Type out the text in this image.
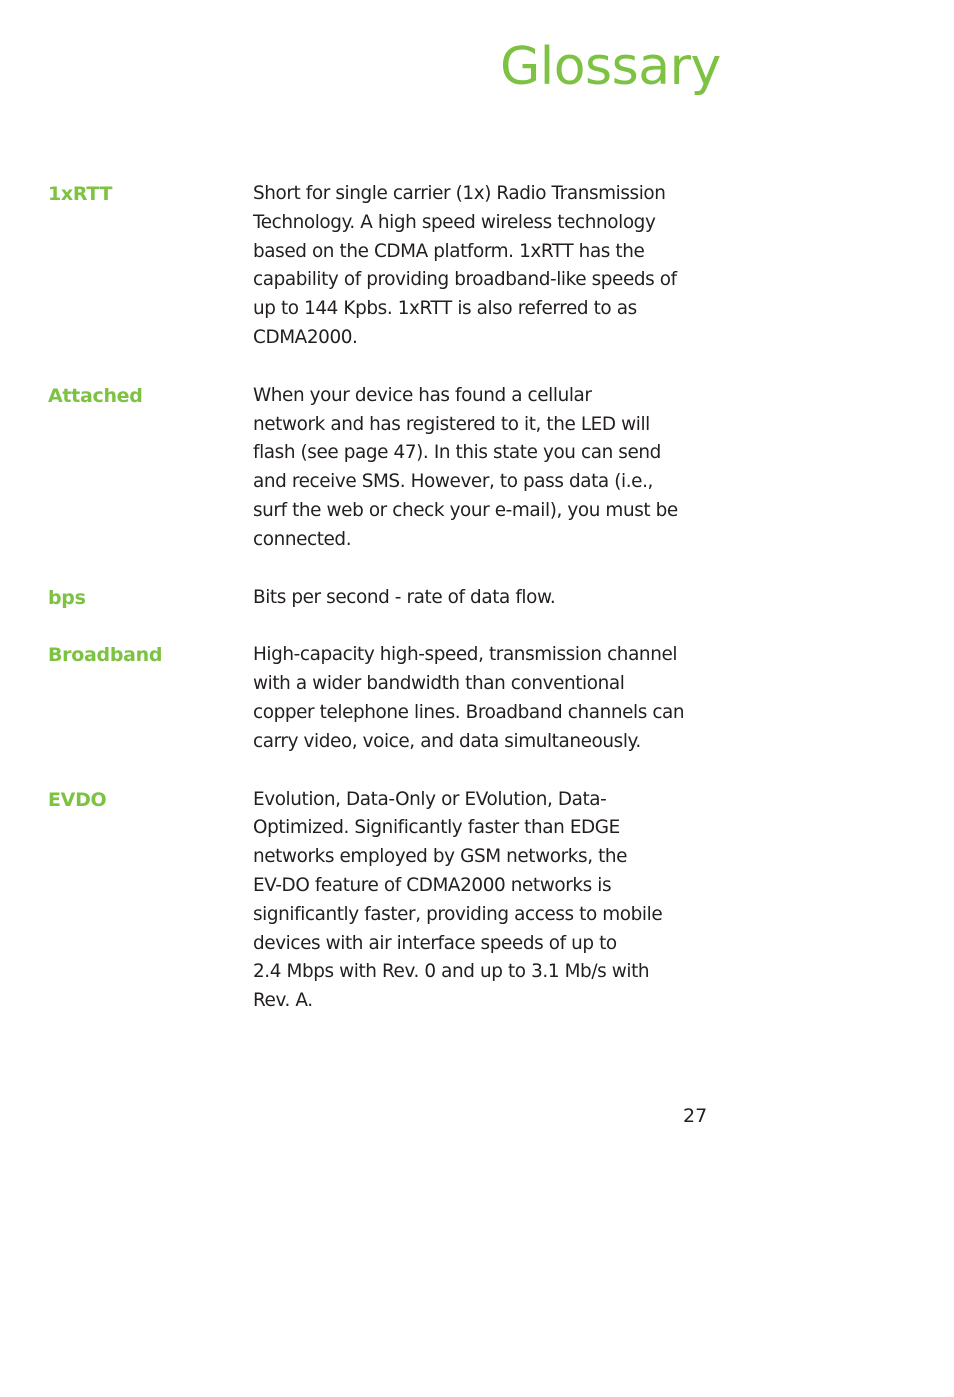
Glossary
1xRTT	Short for single carrier (1x) Radio Transmission
Technology. A high speed wireless technology
based on the CDMA platform. 1xRTT has the
capability of providing broadband-like speeds of
up to 144 Kpbs. 1xRTT is also referred to as
CDMA2000.
Attached	When your device has found a cellular
network and has registered to it, the LED will
flash (see page 47). In this state you can send
and receive SMS. However, to pass data (i.e.,
surf the web or check your e-mail), you must be
connected.
bps	Bits per second - rate of data flow.
Broadband	High-capacity high-speed, transmission channel
with a wider bandwidth than conventional
copper telephone lines. Broadband channels can
carry video, voice, and data simultaneously.
EVDO	Evolution, Data-Only or EVolution, Data-
Optimized. Significantly faster than EDGE
networks employed by GSM networks, the
EV-DO feature of CDMA2000 networks is
significantly faster, providing access to mobile
devices with air interface speeds of up to
2.4 Mbps with Rev. 0 and up to 3.1 Mb/s with
Rev. A.
27
